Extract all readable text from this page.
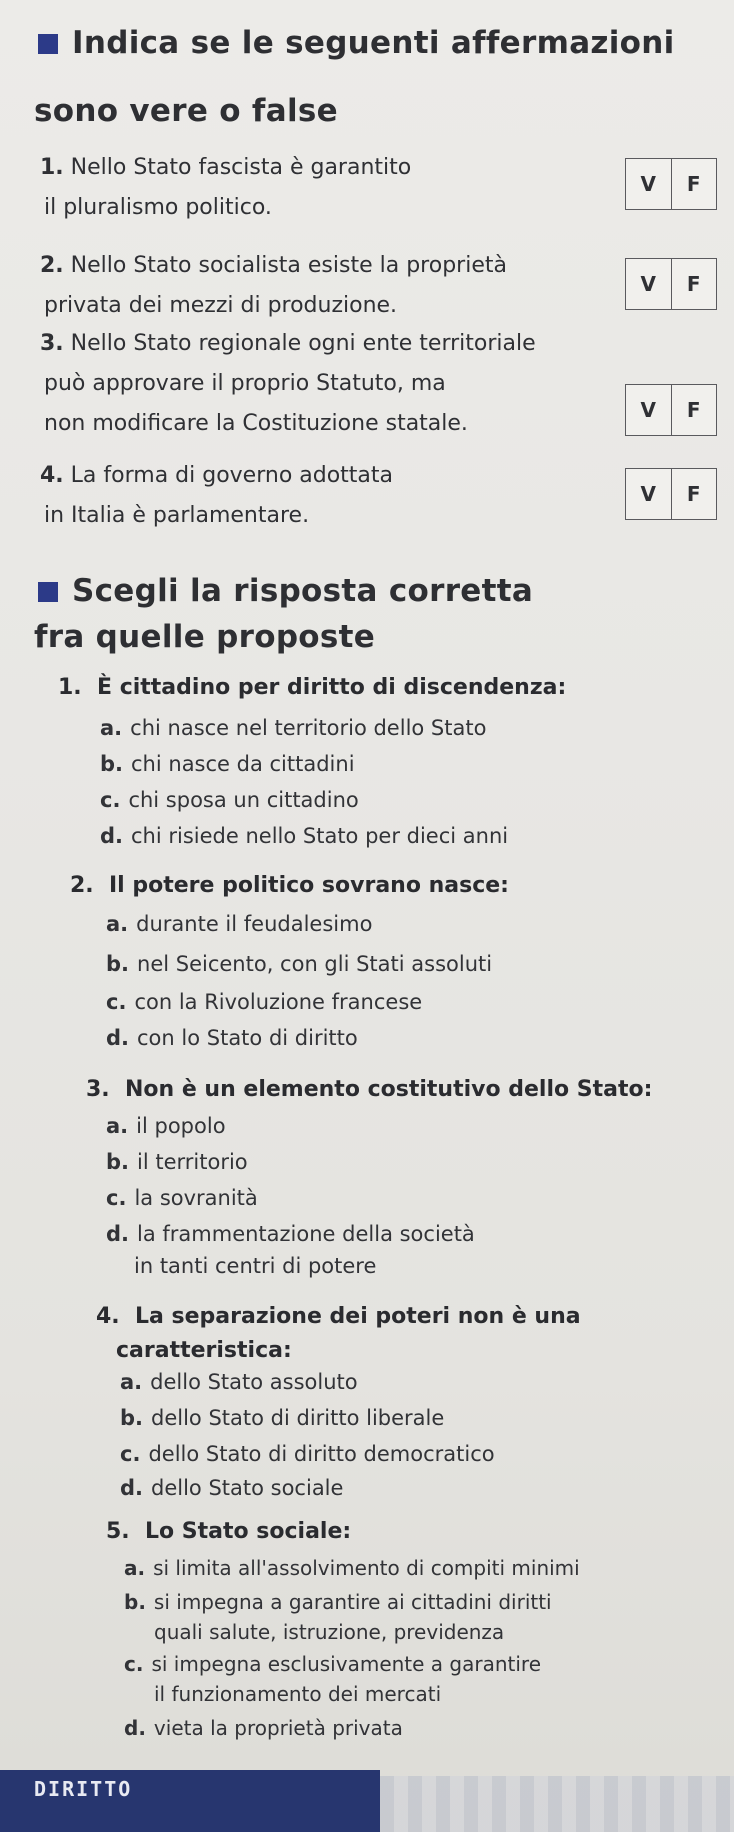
Indica se le seguenti affermazioni
sono vere o false
1. Nello Stato fascista è garantito
il pluralismo politico.
V	F
2. Nello Stato socialista esiste la proprietà
privata dei mezzi di produzione.
V	F
3. Nello Stato regionale ogni ente territoriale
può approvare il proprio Statuto, ma
non modificare la Costituzione statale.
V	F
4. La forma di governo adottata
in Italia è parlamentare.
V	F
Scegli la risposta corretta
fra quelle proposte
1. È cittadino per diritto di discendenza:
a. chi nasce nel territorio dello Stato
b. chi nasce da cittadini
c. chi sposa un cittadino
d. chi risiede nello Stato per dieci anni
2. Il potere politico sovrano nasce:
a. durante il feudalesimo
b. nel Seicento, con gli Stati assoluti
c. con la Rivoluzione francese
d. con lo Stato di diritto
3. Non è un elemento costitutivo dello Stato:
a. il popolo
b. il territorio
c. la sovranità
d. la frammentazione della società
in tanti centri di potere
4. La separazione dei poteri non è una
caratteristica:
a. dello Stato assoluto
b. dello Stato di diritto liberale
c. dello Stato di diritto democratico
d. dello Stato sociale
5. Lo Stato sociale:
a. si limita all'assolvimento di compiti minimi
b. si impegna a garantire ai cittadini diritti
quali salute, istruzione, previdenza
c. si impegna esclusivamente a garantire
il funzionamento dei mercati
d. vieta la proprietà privata
DIRITTO
